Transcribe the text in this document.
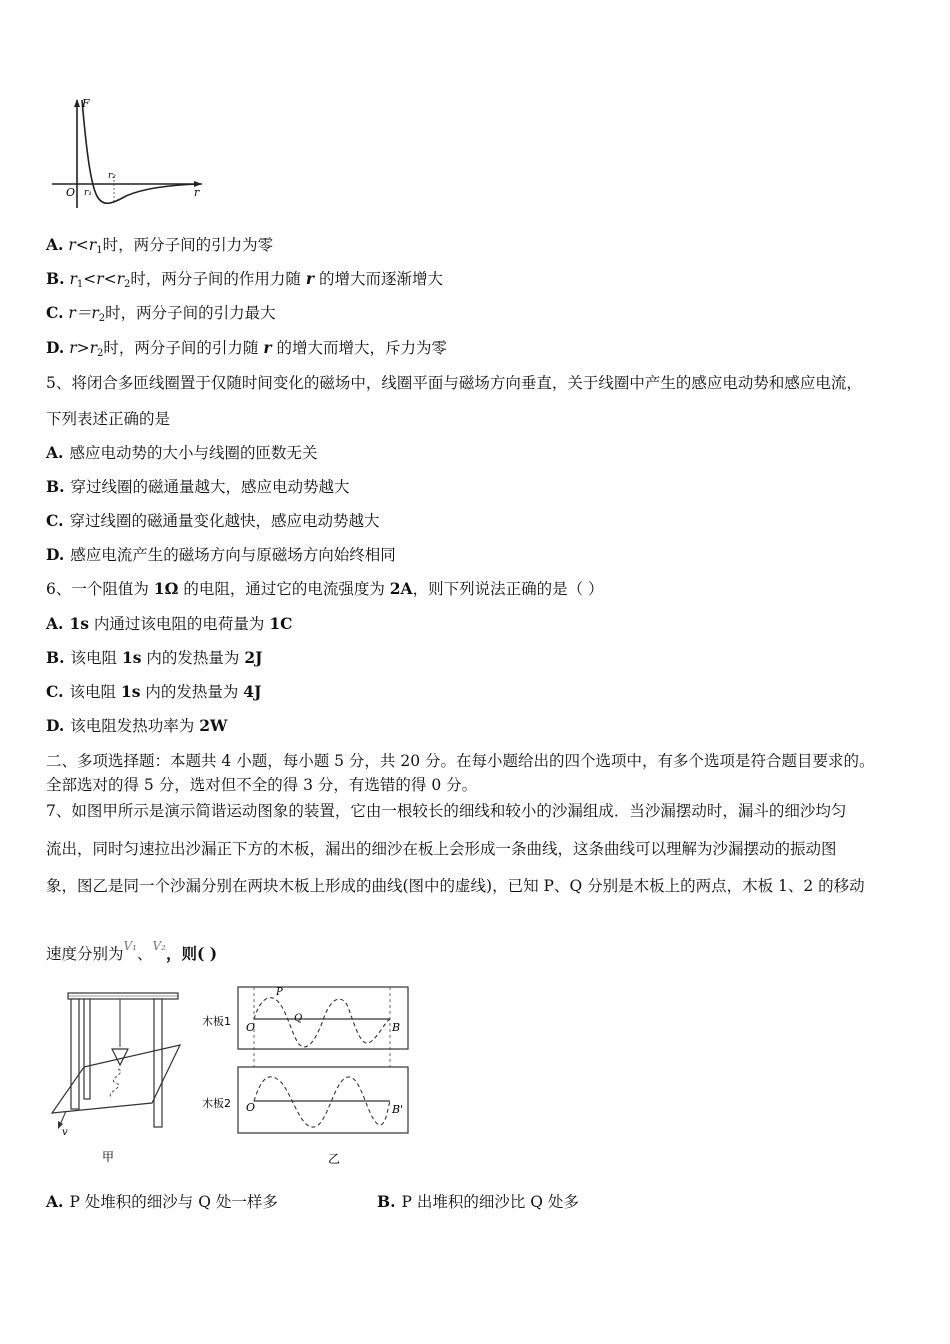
F
r
O r₁
r₂
A. $r<r_1$时，两分子间的引力为零
B. $r_1<r<r_2$时，两分子间的作用力随 r 的增大而逐渐增大
C. $r=r_2$时，两分子间的引力最大
D. $r>r_2$时，两分子间的引力随 r 的增大而增大，斥力为零
5、将闭合多匝线圈置于仅随时间变化的磁场中，线圈平面与磁场方向垂直，关于线圈中产生的感应电动势和感应电流，
下列表述正确的是
A. 感应电动势的大小与线圈的匝数无关
B. 穿过线圈的磁通量越大，感应电动势越大
C. 穿过线圈的磁通量变化越快，感应电动势越大
D. 感应电流产生的磁场方向与原磁场方向始终相同
6、一个阻值为 1Ω 的电阻，通过它的电流强度为 2A，则下列说法正确的是（ ）
A. 1s 内通过该电阻的电荷量为 1C
B. 该电阻 1s 内的发热量为 2J
C. 该电阻 1s 内的发热量为 4J
D. 该电阻发热功率为 2W
二、多项选择题：本题共 4 小题，每小题 5 分，共 20 分。在每小题给出的四个选项中，有多个选项是符合题目要求的。
全部选对的得 5 分，选对但不全的得 3 分，有选错的得 0 分。
7、如图甲所示是演示简谐运动图象的装置，它由一根较长的细线和较小的沙漏组成．当沙漏摆动时，漏斗的细沙均匀
流出，同时匀速拉出沙漏正下方的木板，漏出的细沙在板上会形成一条曲线，这条曲线可以理解为沙漏摆动的振动图
象，图乙是同一个沙漏分别在两块木板上形成的曲线(图中的虚线)，已知 P、Q 分别是木板上的两点，木板 1、2 的移动
速度分别为$^{V_1}$、$^{V_2}$，则( )
v
甲
木板1 O	B
P
Q
木板2 O	B'
乙
A. P 处堆积的细沙与 Q 处一样多	B. P 出堆积的细沙比 Q 处多
